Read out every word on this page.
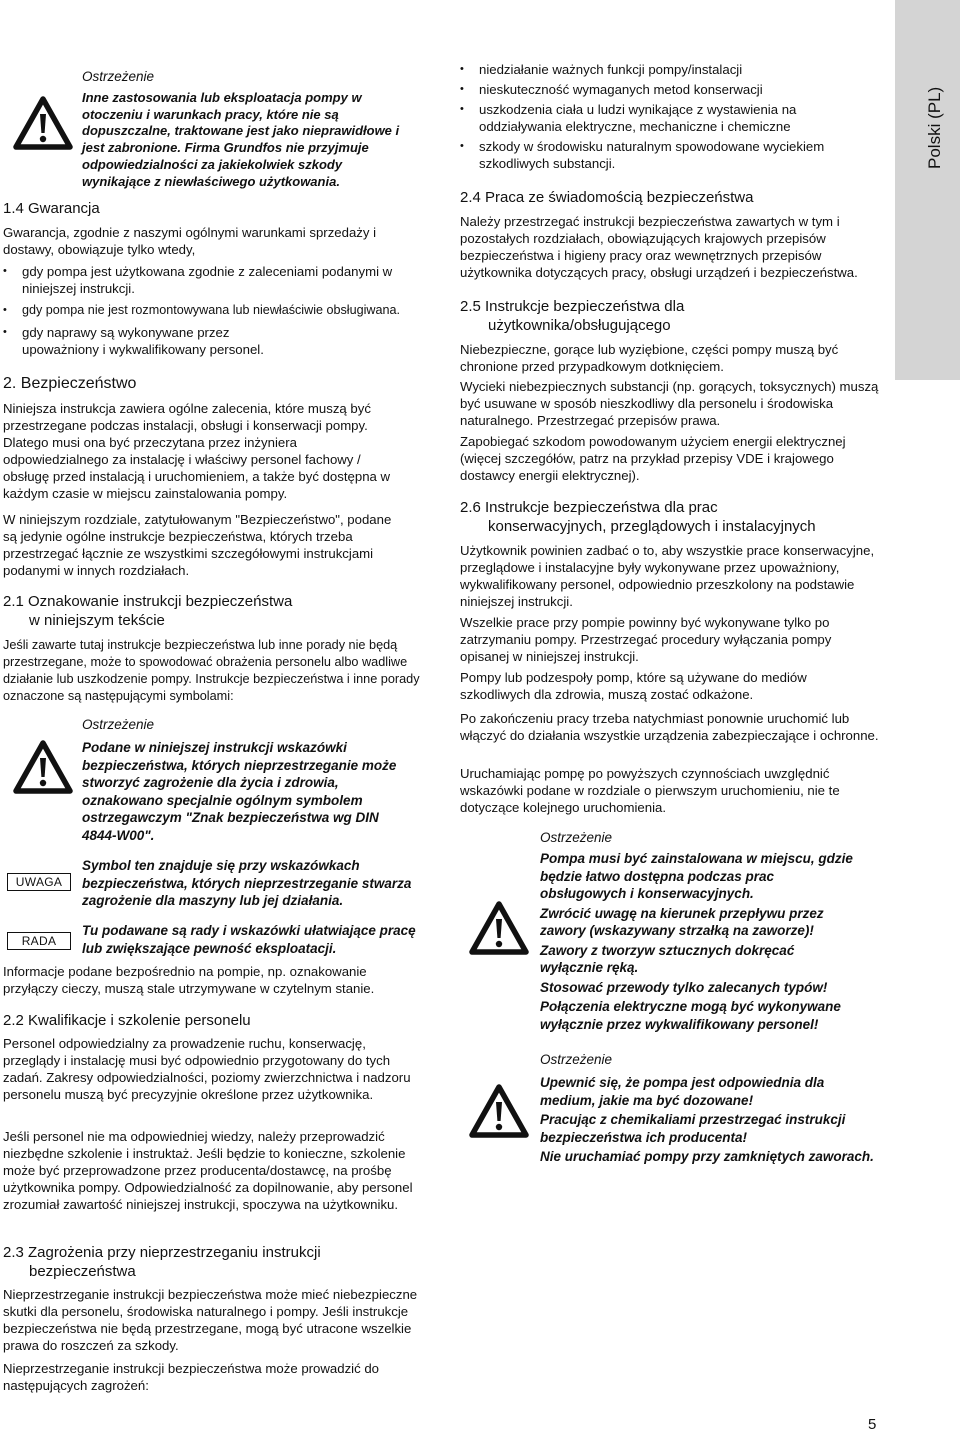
Polski (PL)
Ostrzeżenie
Inne zastosowania lub eksploatacja pompy w otoczeniu i warunkach pracy, które nie są dopuszczalne, traktowane jest jako nieprawidłowe i jest zabronione. Firma Grundfos nie przyjmuje odpowiedzialności za jakiekolwiek szkody wynikające z niewłaściwego użytkowania.
1.4 Gwarancja

Gwarancja, zgodnie z naszymi ogólnymi warunkami sprzedaży i dostawy, obowiązuje tylko wtedy,

• gdy pompa jest użytkowana zgodnie z zaleceniami podanymi w niniejszej instrukcji.
• gdy pompa nie jest rozmontowywana lub niewłaściwie obsługiwana.
• gdy naprawy są wykonywane przez upoważniony i wykwalifikowany personel.
2. Bezpieczeństwo

Niniejsza instrukcja zawiera ogólne zalecenia, które muszą być przestrzegane podczas instalacji, obsługi i konserwacji pompy. Dlatego musi ona być przeczytana przez inżyniera odpowiedzialnego za instalację i właściwy personel fachowy / obsługę przed instalacją i uruchomieniem, a także być dostępna w każdym czasie w miejscu zainstalowania pompy.

W niniejszym rozdziale, zatytułowanym "Bezpieczeństwo", podane są jedynie ogólne instrukcje bezpieczeństwa, których trzeba przestrzegać łącznie ze wszystkimi szczegółowymi instrukcjami podanymi w innych rozdziałach.

2.1 Oznakowanie instrukcji bezpieczeństwa
w niniejszym tekście

Jeśli zawarte tutaj instrukcje bezpieczeństwa lub inne porady nie będą przestrzegane, może to spowodować obrażenia personelu albo wadliwe działanie lub uszkodzenie pompy. Instrukcje bezpieczeństwa i inne porady oznaczone są następującymi symbolami:

Ostrzeżenie
Podane w niniejszej instrukcji wskazówki bezpieczeństwa, których nieprzestrzeganie może stworzyć zagrożenie dla życia i zdrowia, oznakowano specjalnie ogólnym symbolem ostrzegawczym "Znak bezpieczeństwa wg DIN 4844-W00".
UWAGA
Symbol ten znajduje się przy wskazówkach bezpieczeństwa, których nieprzestrzeganie stwarza zagrożenie dla maszyny lub jej działania.
RADA
Tu podawane są rady i wskazówki ułatwiające pracę lub zwiększające pewność eksploatacji.

Informacje podane bezpośrednio na pompie, np. oznakowanie przyłączy cieczy, muszą stale utrzymywane w czytelnym stanie.

2.2 Kwalifikacje i szkolenie personelu

Personel odpowiedzialny za prowadzenie ruchu, konserwację, przeglądy i instalację musi być odpowiednio przygotowany do tych zadań. Zakresy odpowiedzialności, poziomy zwierzchnictwa i nadzoru personelu muszą być precyzyjnie określone przez użytkownika.

Jeśli personel nie ma odpowiedniej wiedzy, należy przeprowadzić niezbędne szkolenie i instruktaż. Jeśli będzie to konieczne, szkolenie może być przeprowadzone przez producenta/dostawcę, na prośbę użytkownika pompy. Odpowiedzialność za dopilnowanie, aby personel zrozumiał zawartość niniejszej instrukcji, spoczywa na użytkowniku.

2.3 Zagrożenia przy nieprzestrzeganiu instrukcji
bezpieczeństwa

Nieprzestrzeganie instrukcji bezpieczeństwa może mieć niebezpieczne skutki dla personelu, środowiska naturalnego i pompy. Jeśli instrukcje bezpieczeństwa nie będą przestrzegane, mogą być utracone wszelkie prawa do roszczeń za szkody.

Nieprzestrzeganie instrukcji bezpieczeństwa może prowadzić do następujących zagrożeń:

• niedziałanie ważnych funkcji pompy/instalacji
• nieskuteczność wymaganych metod konserwacji
• uszkodzenia ciała u ludzi wynikające z wystawienia na oddziaływania elektryczne, mechaniczne i chemiczne
• szkody w środowisku naturalnym spowodowane wyciekiem szkodliwych substancji.
2.4 Praca ze świadomością bezpieczeństwa

Należy przestrzegać instrukcji bezpieczeństwa zawartych w tym i pozostałych rozdziałach, obowiązujących krajowych przepisów bezpieczeństwa i higieny pracy oraz wewnętrznych przepisów użytkownika dotyczących pracy, obsługi urządzeń i bezpieczeństwa.

2.5 Instrukcje bezpieczeństwa dla
użytkownika/obsługującego

Niebezpieczne, gorące lub wyziębione, części pompy muszą być chronione przed przypadkowym dotknięciem.

Wycieki niebezpiecznych substancji (np. gorących, toksycznych) muszą być usuwane w sposób nieszkodliwy dla personelu i środowiska naturalnego. Przestrzegać przepisów prawa.

Zapobiegać szkodom powodowanym użyciem energii elektrycznej (więcej szczegółów, patrz na przykład przepisy VDE i krajowego dostawcy energii elektrycznej).

2.6 Instrukcje bezpieczeństwa dla prac
konserwacyjnych, przeglądowych i instalacyjnych

Użytkownik powinien zadbać o to, aby wszystkie prace konserwacyjne, przeglądowe i instalacyjne były wykonywane przez upoważniony, wykwalifikowany personel, odpowiednio przeszkolony na podstawie niniejszej instrukcji.

Wszelkie prace przy pompie powinny być wykonywane tylko po zatrzymaniu pompy. Przestrzegać procedury wyłączania pompy opisanej w niniejszej instrukcji.

Pompy lub podzespoły pomp, które są używane do mediów szkodliwych dla zdrowia, muszą zostać odkażone.

Po zakończeniu pracy trzeba natychmiast ponownie uruchomić lub włączyć do działania wszystkie urządzenia zabezpieczające i ochronne.

Uruchamiając pompę po powyższych czynnościach uwzględnić wskazówki podane w rozdziale o pierwszym uruchomieniu, nie te dotyczące kolejnego uruchomienia.

Ostrzeżenie
Pompa musi być zainstalowana w miejscu, gdzie będzie łatwo dostępna podczas prac obsługowych i konserwacyjnych.
Zwrócić uwagę na kierunek przepływu przez zawory (wskazywany strzałką na zaworze)!
Zawory z tworzyw sztucznych dokręcać wyłącznie ręką.
Stosować przewody tylko zalecanych typów!
Połączenia elektryczne mogą być wykonywane wyłącznie przez wykwalifikowany personel!
Ostrzeżenie
Upewnić się, że pompa jest odpowiednia dla medium, jakie ma być dozowane!
Pracując z chemikaliami przestrzegać instrukcji bezpieczeństwa ich producenta!
Nie uruchamiać pompy przy zamkniętych zaworach.
5
